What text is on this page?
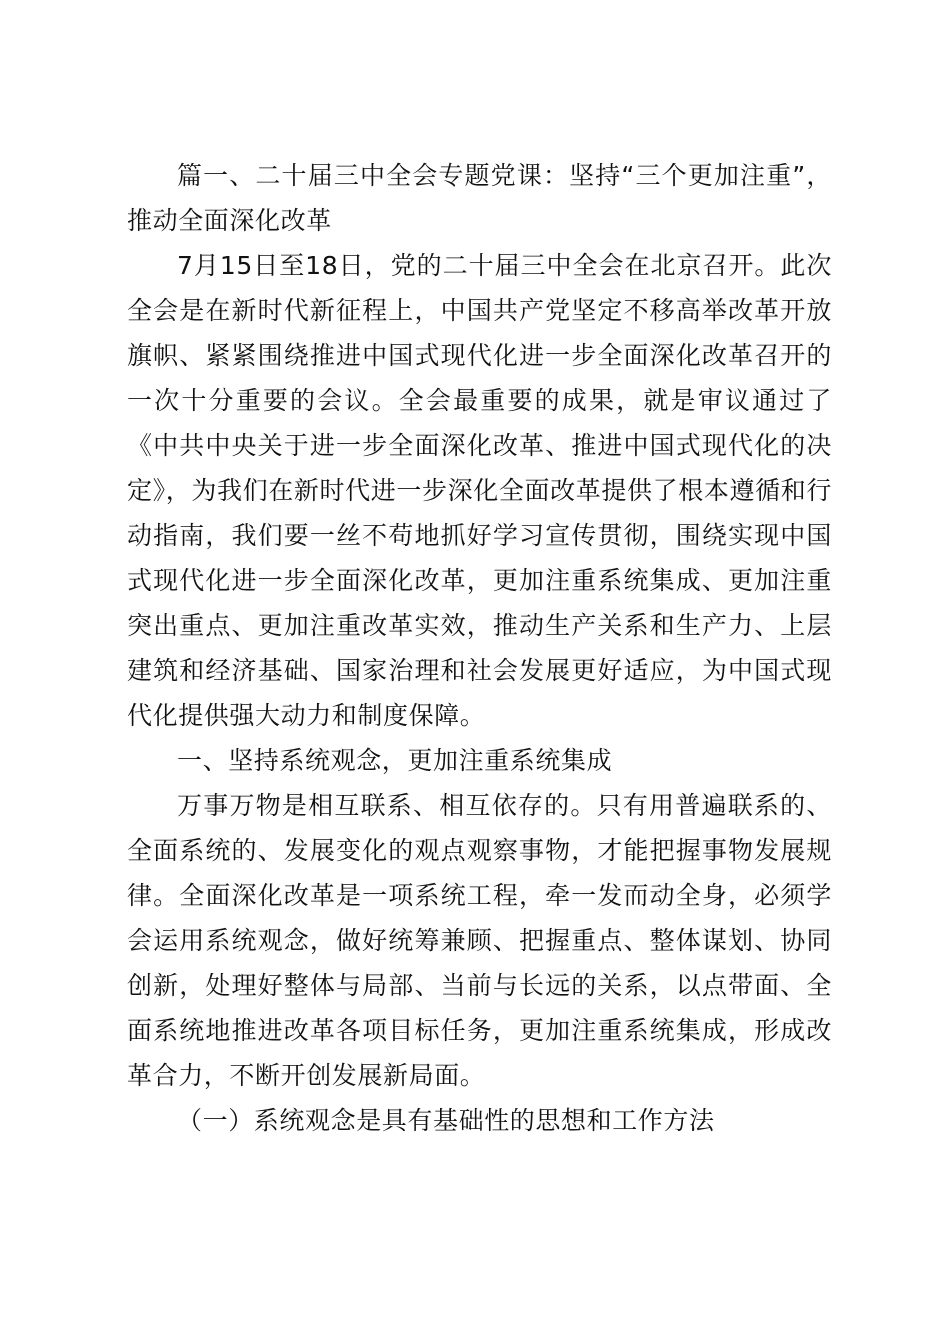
篇一、二十届三中全会专题党课：坚持“三个更加注重”，推动全面深化改革

7月15日至18日，党的二十届三中全会在北京召开。此次全会是在新时代新征程上，中国共产党坚定不移高举改革开放旗帜、紧紧围绕推进中国式现代化进一步全面深化改革召开的一次十分重要的会议。全会最重要的成果，就是审议通过了《中共中央关于进一步全面深化改革、推进中国式现代化的决定》，为我们在新时代进一步深化全面改革提供了根本遵循和行动指南，我们要一丝不苟地抓好学习宣传贯彻，围绕实现中国式现代化进一步全面深化改革，更加注重系统集成、更加注重突出重点、更加注重改革实效，推动生产关系和生产力、上层建筑和经济基础、国家治理和社会发展更好适应，为中国式现代化提供强大动力和制度保障。

一、坚持系统观念，更加注重系统集成

万事万物是相互联系、相互依存的。只有用普遍联系的、全面系统的、发展变化的观点观察事物，才能把握事物发展规律。全面深化改革是一项系统工程，牵一发而动全身，必须学会运用系统观念，做好统筹兼顾、把握重点、整体谋划、协同创新，处理好整体与局部、当前与长远的关系，以点带面、全面系统地推进改革各项目标任务，更加注重系统集成，形成改革合力，不断开创发展新局面。

（一）系统观念是具有基础性的思想和工作方法
